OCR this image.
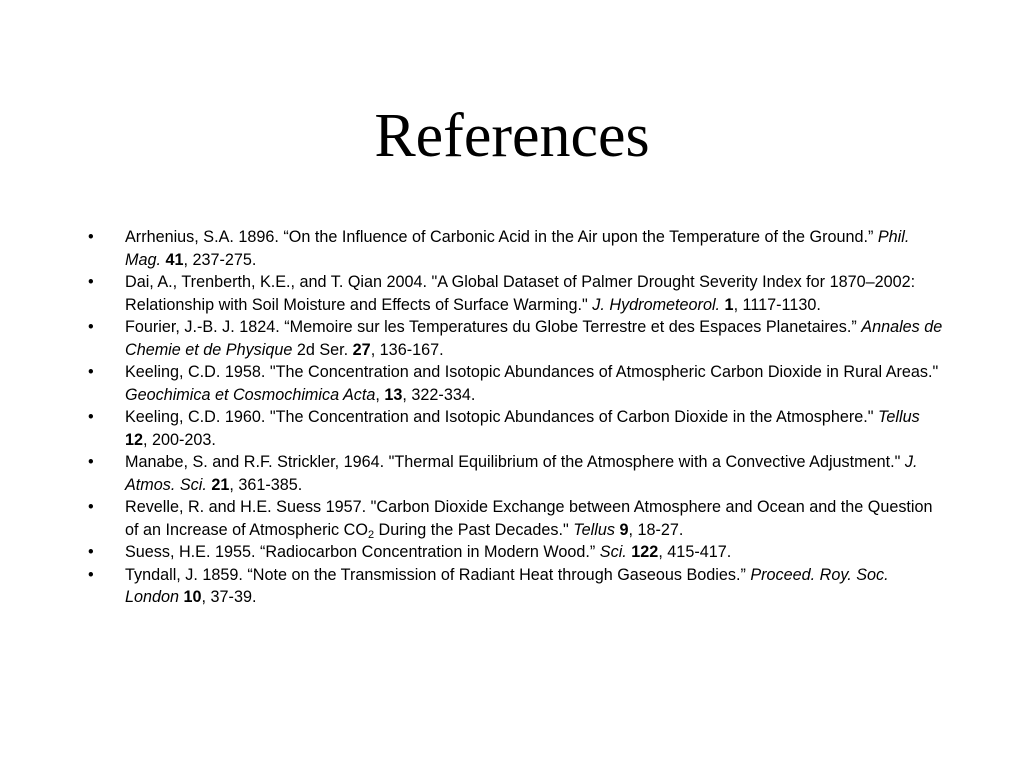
References
•	Arrhenius, S.A. 1896. “On the Influence of Carbonic Acid in the Air upon the Temperature of the Ground.” Phil. Mag. 41, 237-275.
•	Dai, A., Trenberth, K.E., and T. Qian 2004. "A Global Dataset of Palmer Drought Severity Index for 1870–2002: Relationship with Soil Moisture and Effects of Surface Warming." J. Hydrometeorol. 1, 1117-1130.
•	Fourier, J.-B. J. 1824. “Memoire sur les Temperatures du Globe Terrestre et des Espaces Planetaires.” Annales de Chemie et de Physique 2d Ser. 27, 136-167.
•	Keeling, C.D. 1958. "The Concentration and Isotopic Abundances of Atmospheric Carbon Dioxide in Rural Areas." Geochimica et Cosmochimica Acta, 13, 322-334.
•	Keeling, C.D. 1960. "The Concentration and Isotopic Abundances of Carbon Dioxide in the Atmosphere." Tellus 12, 200-203.
•	Manabe, S. and R.F. Strickler, 1964. "Thermal Equilibrium of the Atmosphere with a Convective Adjustment." J. Atmos. Sci. 21, 361-385.
•	Revelle, R. and H.E. Suess 1957. "Carbon Dioxide Exchange between Atmosphere and Ocean and the Question of an Increase of Atmospheric $CO_2$ During the Past Decades." Tellus 9, 18-27.
•	Suess, H.E. 1955. “Radiocarbon Concentration in Modern Wood.” Sci. 122, 415-417.
•	Tyndall, J. 1859. “Note on the Transmission of Radiant Heat through Gaseous Bodies.” Proceed. Roy. Soc. London 10, 37-39.
